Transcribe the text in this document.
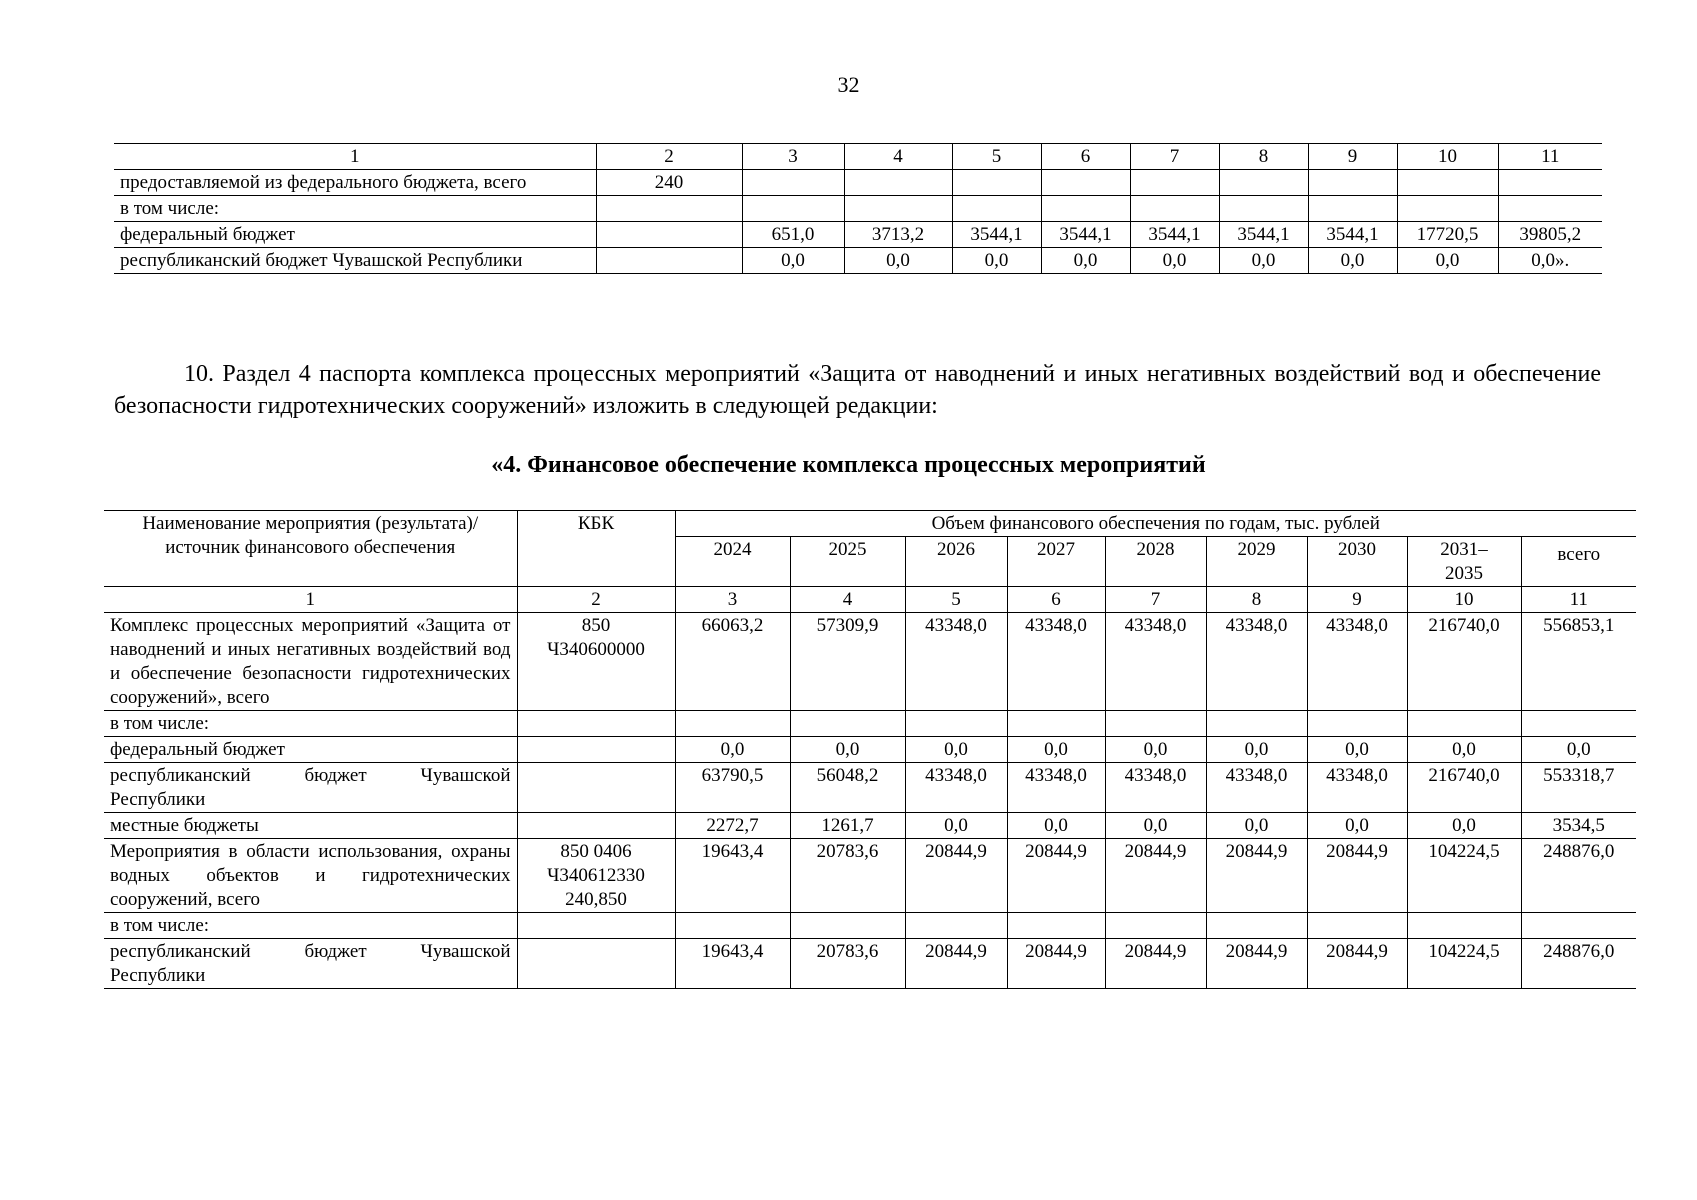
32
1	2	3	4	5	6	7	8	9	10	11
предоставляемой из федерального бюджета, всего	240									
в том числе:										
федеральный бюджет		651,0	3713,2	3544,1	3544,1	3544,1	3544,1	3544,1	17720,5	39805,2
республиканский бюджет Чувашской Республики		0,0	0,0	0,0	0,0	0,0	0,0	0,0	0,0	0,0».

10. Раздел 4 паспорта комплекса процессных мероприятий «Защита от наводнений и иных негативных воздействий вод и обеспечение безопасности гидротехнических сооружений» изложить в следующей редакции:

«4. Финансовое обеспечение комплекса процессных мероприятий

Наименование мероприятия (результата)/источник финансового обеспечения	КБК	Объем финансового обеспечения по годам, тыс. рублей								
		2024	2025	2026	2027	2028	2029	2030	2031–2035	всего
1	2	3	4	5	6	7	8	9	10	11
Комплекс процессных мероприятий «Защита от наводнений и иных негативных воздействий вод и обеспечение безопасности гидротехнических сооружений», всего	850 Ч340600000	66063,2	57309,9	43348,0	43348,0	43348,0	43348,0	43348,0	216740,0	556853,1
в том числе:										
федеральный бюджет		0,0	0,0	0,0	0,0	0,0	0,0	0,0	0,0	0,0
республиканский бюджет Чувашской Республики		63790,5	56048,2	43348,0	43348,0	43348,0	43348,0	43348,0	216740,0	553318,7
местные бюджеты		2272,7	1261,7	0,0	0,0	0,0	0,0	0,0	0,0	3534,5
Мероприятия в области использования, охраны водных объектов и гидротехнических сооружений, всего	850 0406 Ч340612330 240,850	19643,4	20783,6	20844,9	20844,9	20844,9	20844,9	20844,9	104224,5	248876,0
в том числе:										
республиканский бюджет Чувашской Республики		19643,4	20783,6	20844,9	20844,9	20844,9	20844,9	20844,9	104224,5	248876,0
